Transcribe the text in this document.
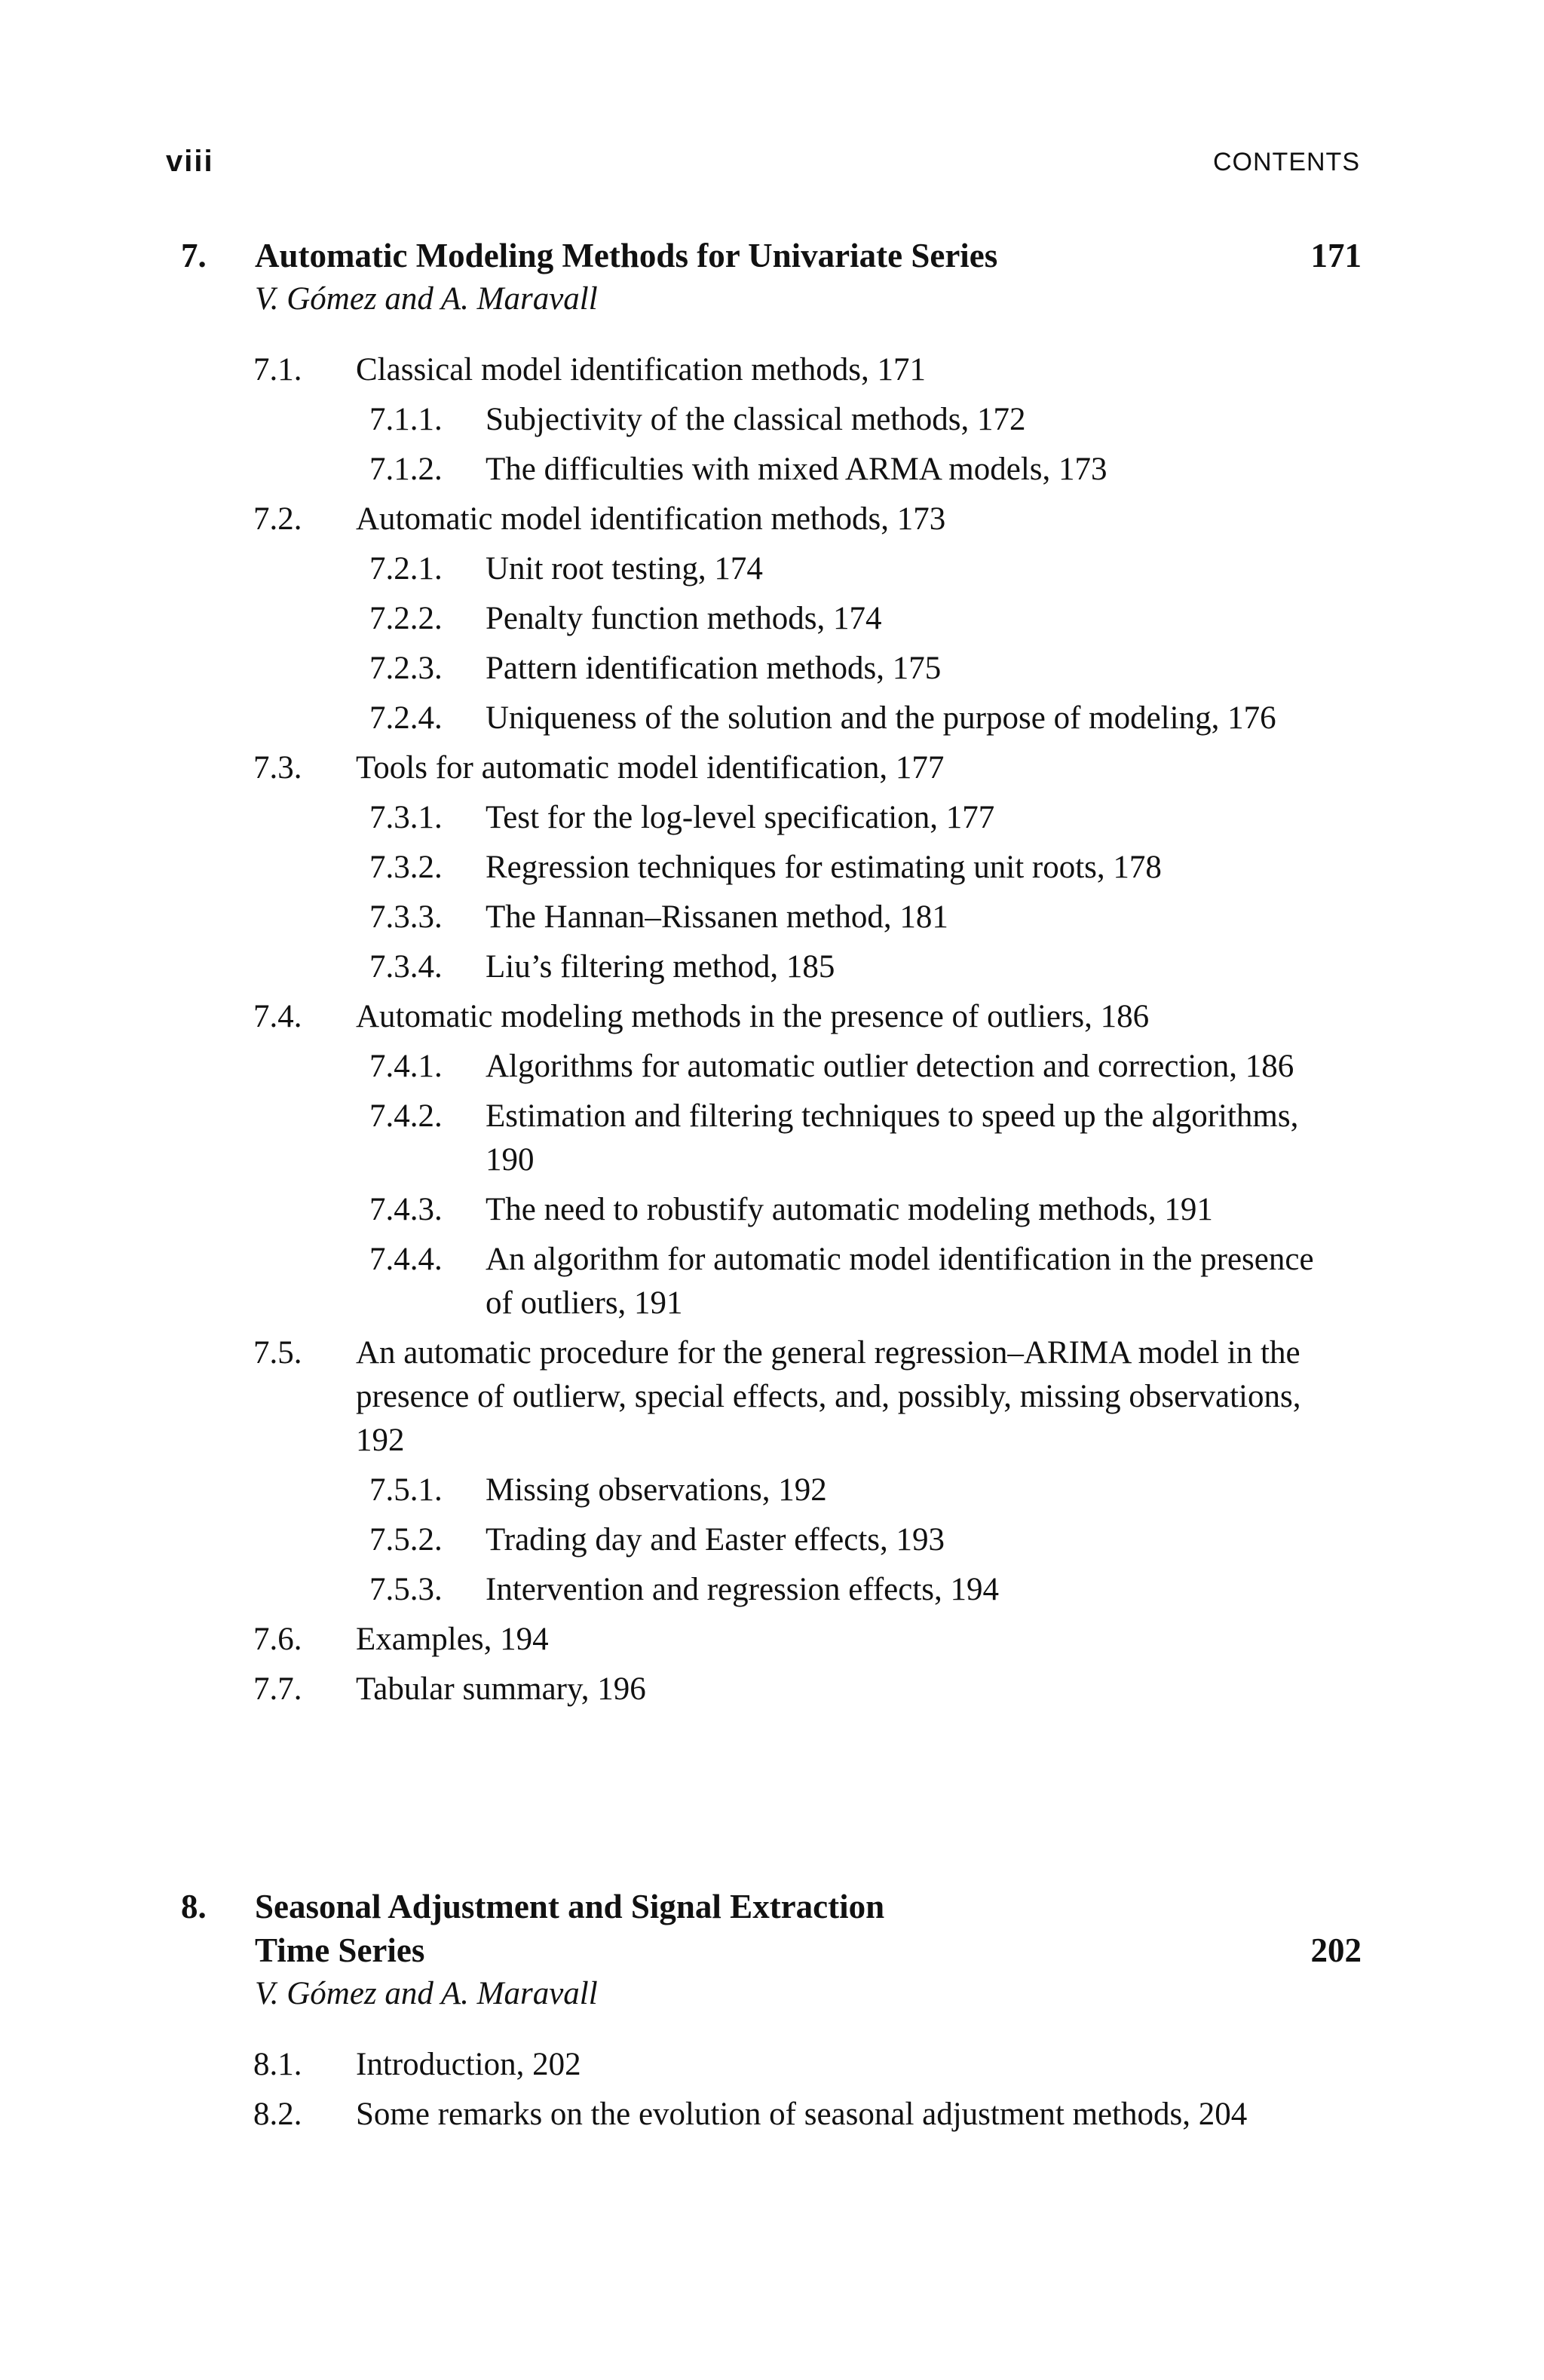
viii	CONTENTS
7. Automatic Modeling Methods for Univariate Series	171
V. Gómez and A. Maravall
7.1. Classical model identification methods, 171
7.1.1. Subjectivity of the classical methods, 172
7.1.2. The difficulties with mixed ARMA models, 173
7.2. Automatic model identification methods, 173
7.2.1. Unit root testing, 174
7.2.2. Penalty function methods, 174
7.2.3. Pattern identification methods, 175
7.2.4. Uniqueness of the solution and the purpose of modeling, 176
7.3. Tools for automatic model identification, 177
7.3.1. Test for the log-level specification, 177
7.3.2. Regression techniques for estimating unit roots, 178
7.3.3. The Hannan–Rissanen method, 181
7.3.4. Liu’s filtering method, 185
7.4. Automatic modeling methods in the presence of outliers, 186
7.4.1. Algorithms for automatic outlier detection and correction, 186
7.4.2. Estimation and filtering techniques to speed up the algorithms, 190
7.4.3. The need to robustify automatic modeling methods, 191
7.4.4. An algorithm for automatic model identification in the presence of outliers, 191
7.5. An automatic procedure for the general regression–ARIMA model in the presence of outlierw, special effects, and, possibly, missing observations, 192
7.5.1. Missing observations, 192
7.5.2. Trading day and Easter effects, 193
7.5.3. Intervention and regression effects, 194
7.6. Examples, 194
7.7. Tabular summary, 196
8. Seasonal Adjustment and Signal Extraction
Time Series	202
V. Gómez and A. Maravall
8.1. Introduction, 202
8.2. Some remarks on the evolution of seasonal adjustment methods, 204
